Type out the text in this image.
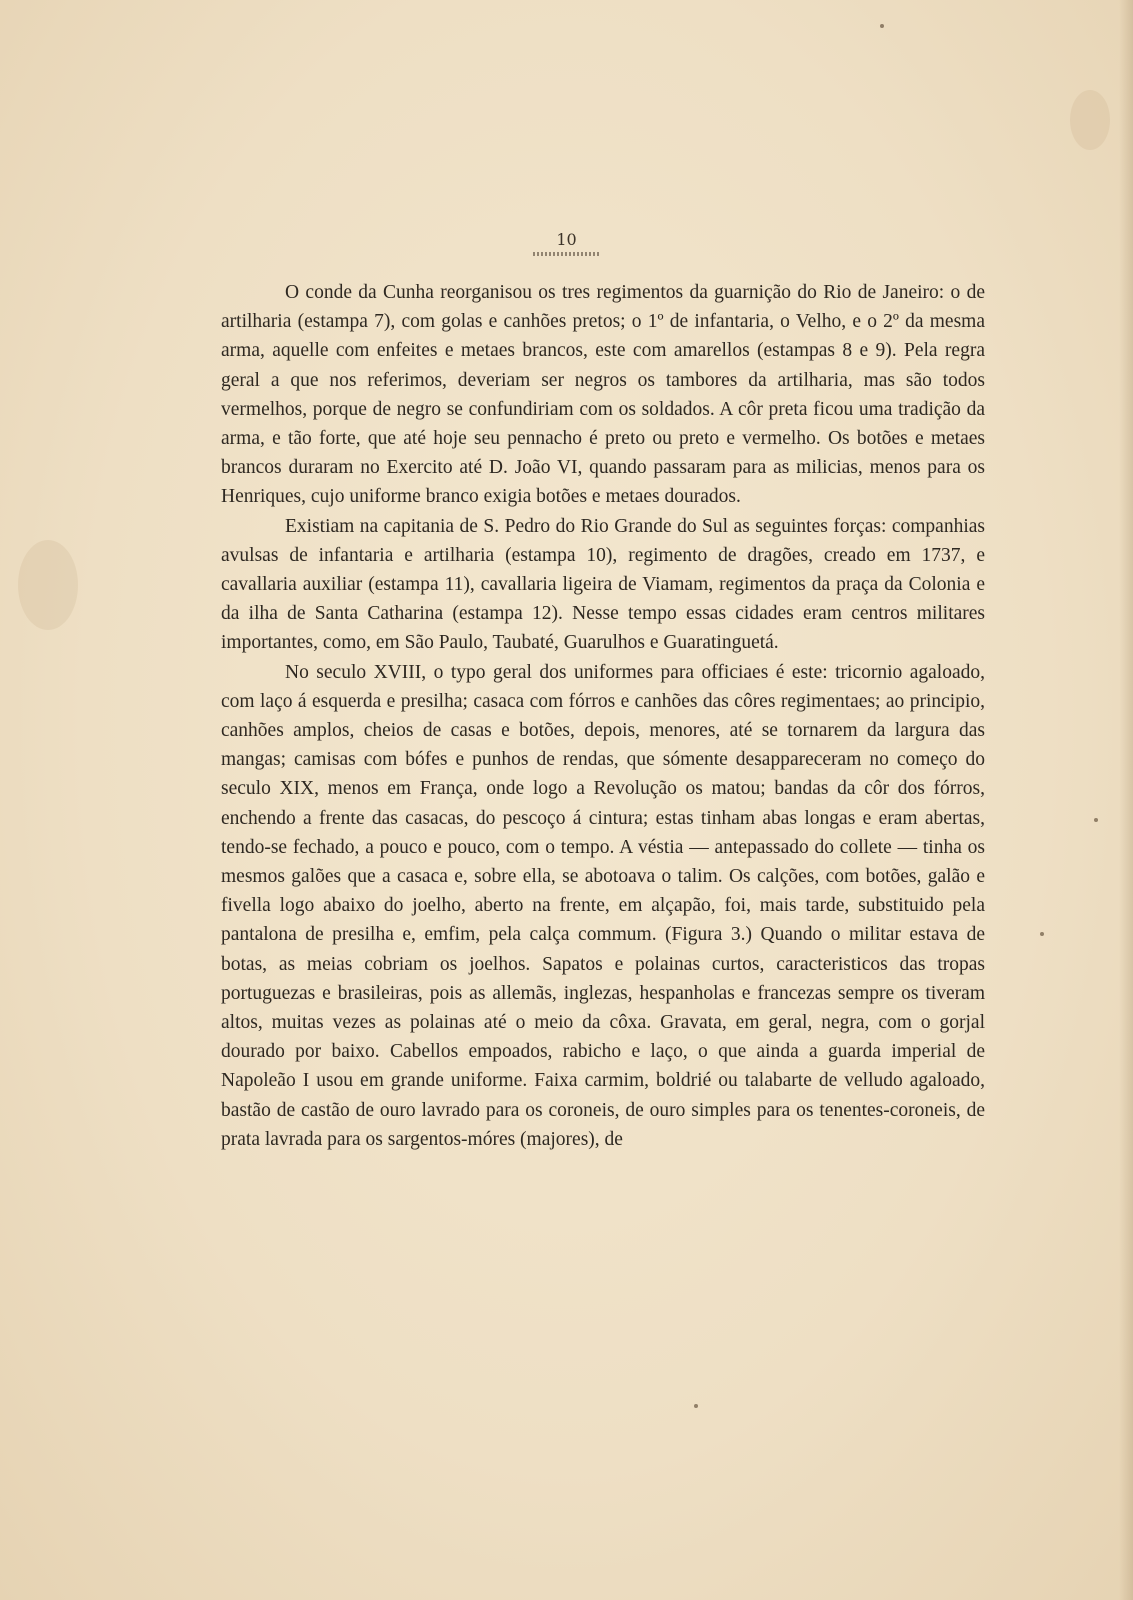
10

O conde da Cunha reorganisou os tres regimentos da guarnição do Rio de Janeiro: o de artilharia (estampa 7), com golas e canhões pretos; o 1º de infantaria, o Velho, e o 2º da mesma arma, aquelle com enfeites e metaes brancos, este com amarellos (estampas 8 e 9). Pela regra geral a que nos referimos, deveriam ser negros os tambores da artilharia, mas são todos vermelhos, porque de negro se confundiriam com os soldados. A côr preta ficou uma tradição da arma, e tão forte, que até hoje seu pennacho é preto ou preto e vermelho. Os botões e metaes brancos duraram no Exercito até D. João VI, quando passaram para as milicias, menos para os Henriques, cujo uniforme branco exigia botões e metaes dourados.

Existiam na capitania de S. Pedro do Rio Grande do Sul as seguintes forças: companhias avulsas de infantaria e artilharia (estampa 10), regimento de dragões, creado em 1737, e cavallaria auxiliar (estampa 11), cavallaria ligeira de Viamam, regimentos da praça da Colonia e da ilha de Santa Catharina (estampa 12). Nesse tempo essas cidades eram centros militares importantes, como, em São Paulo, Taubaté, Guarulhos e Guaratinguetá.

No seculo XVIII, o typo geral dos uniformes para officiaes é este: tricornio agaloado, com laço á esquerda e presilha; casaca com fórros e canhões das côres regimentaes; ao principio, canhões amplos, cheios de casas e botões, depois, menores, até se tornarem da largura das mangas; camisas com bófes e punhos de rendas, que sómente desappareceram no começo do seculo XIX, menos em França, onde logo a Revolução os matou; bandas da côr dos fórros, enchendo a frente das casacas, do pescoço á cintura; estas tinham abas longas e eram abertas, tendo-se fechado, a pouco e pouco, com o tempo. A véstia — antepassado do collete — tinha os mesmos galões que a casaca e, sobre ella, se abotoava o talim. Os calções, com botões, galão e fivella logo abaixo do joelho, aberto na frente, em alçapão, foi, mais tarde, substituido pela pantalona de presilha e, emfim, pela calça commum. (Figura 3.) Quando o militar estava de botas, as meias cobriam os joelhos. Sapatos e polainas curtos, caracteristicos das tropas portuguezas e brasileiras, pois as allemãs, inglezas, hespanholas e francezas sempre os tiveram altos, muitas vezes as polainas até o meio da côxa. Gravata, em geral, negra, com o gorjal dourado por baixo. Cabellos empoados, rabicho e laço, o que ainda a guarda imperial de Napoleão I usou em grande uniforme. Faixa carmim, boldrié ou talabarte de velludo agaloado, bastão de castão de ouro lavrado para os coroneis, de ouro simples para os tenentes-coroneis, de prata lavrada para os sargentos-móres (majores), de
